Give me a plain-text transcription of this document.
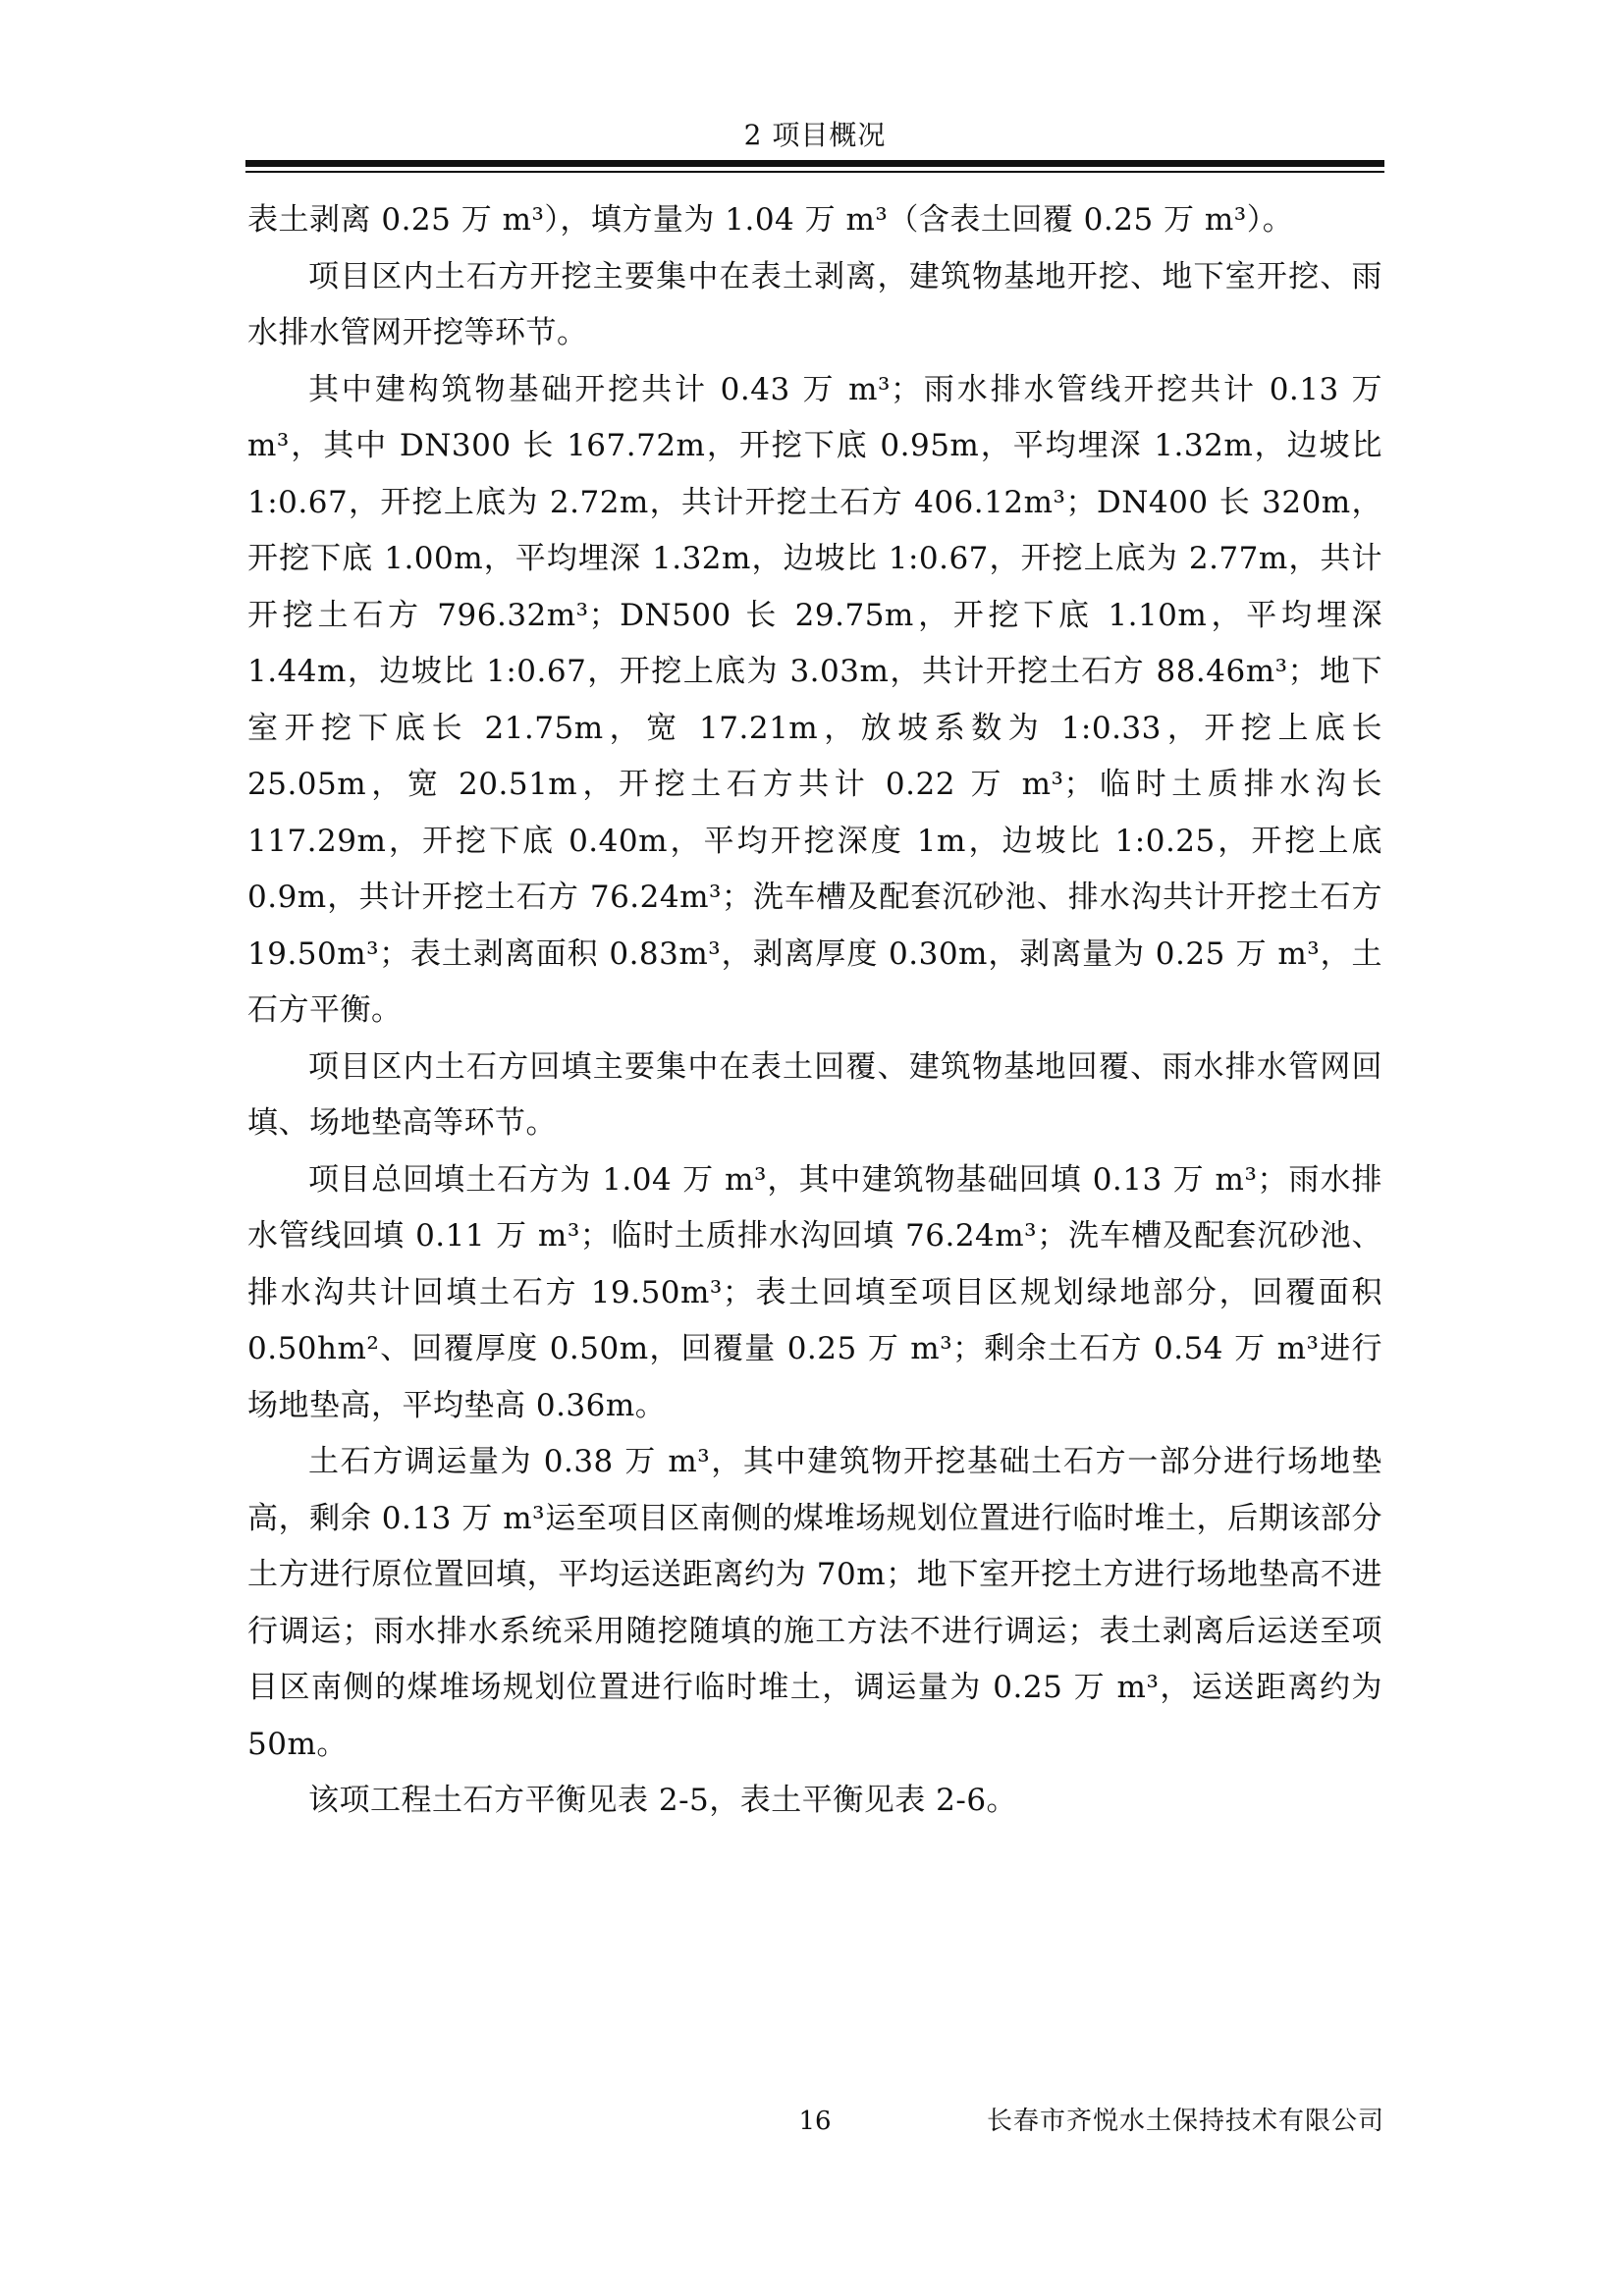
2 项目概况

表土剥离 0.25 万 m³），填方量为 1.04 万 m³（含表土回覆 0.25 万 m³）。

项目区内土石方开挖主要集中在表土剥离，建筑物基地开挖、地下室开挖、雨水排水管网开挖等环节。

其中建构筑物基础开挖共计 0.43 万 m³；雨水排水管线开挖共计 0.13 万 m³，其中 DN300 长 167.72m，开挖下底 0.95m，平均埋深 1.32m，边坡比 1:0.67，开挖上底为 2.72m，共计开挖土石方 406.12m³；DN400 长 320m，开挖下底 1.00m，平均埋深 1.32m，边坡比 1:0.67，开挖上底为 2.77m，共计开挖土石方 796.32m³；DN500 长 29.75m，开挖下底 1.10m，平均埋深 1.44m，边坡比 1:0.67，开挖上底为 3.03m，共计开挖土石方 88.46m³；地下室开挖下底长 21.75m，宽 17.21m，放坡系数为 1:0.33，开挖上底长 25.05m，宽 20.51m，开挖土石方共计 0.22 万 m³；临时土质排水沟长 117.29m，开挖下底 0.40m，平均开挖深度 1m，边坡比 1:0.25，开挖上底 0.9m，共计开挖土石方 76.24m³；洗车槽及配套沉砂池、排水沟共计开挖土石方 19.50m³；表土剥离面积 0.83m³，剥离厚度 0.30m，剥离量为 0.25 万 m³，土石方平衡。

项目区内土石方回填主要集中在表土回覆、建筑物基地回覆、雨水排水管网回填、场地垫高等环节。

项目总回填土石方为 1.04 万 m³，其中建筑物基础回填 0.13 万 m³；雨水排水管线回填 0.11 万 m³；临时土质排水沟回填 76.24m³；洗车槽及配套沉砂池、排水沟共计回填土石方 19.50m³；表土回填至项目区规划绿地部分，回覆面积 0.50hm²、回覆厚度 0.50m，回覆量 0.25 万 m³；剩余土石方 0.54 万 m³进行场地垫高，平均垫高 0.36m。

土石方调运量为 0.38 万 m³，其中建筑物开挖基础土石方一部分进行场地垫高，剩余 0.13 万 m³运至项目区南侧的煤堆场规划位置进行临时堆土，后期该部分土方进行原位置回填，平均运送距离约为 70m；地下室开挖土方进行场地垫高不进行调运；雨水排水系统采用随挖随填的施工方法不进行调运；表土剥离后运送至项目区南侧的煤堆场规划位置进行临时堆土，调运量为 0.25 万 m³，运送距离约为 50m。

该项工程土石方平衡见表 2-5，表土平衡见表 2-6。

16	长春市齐悦水土保持技术有限公司
